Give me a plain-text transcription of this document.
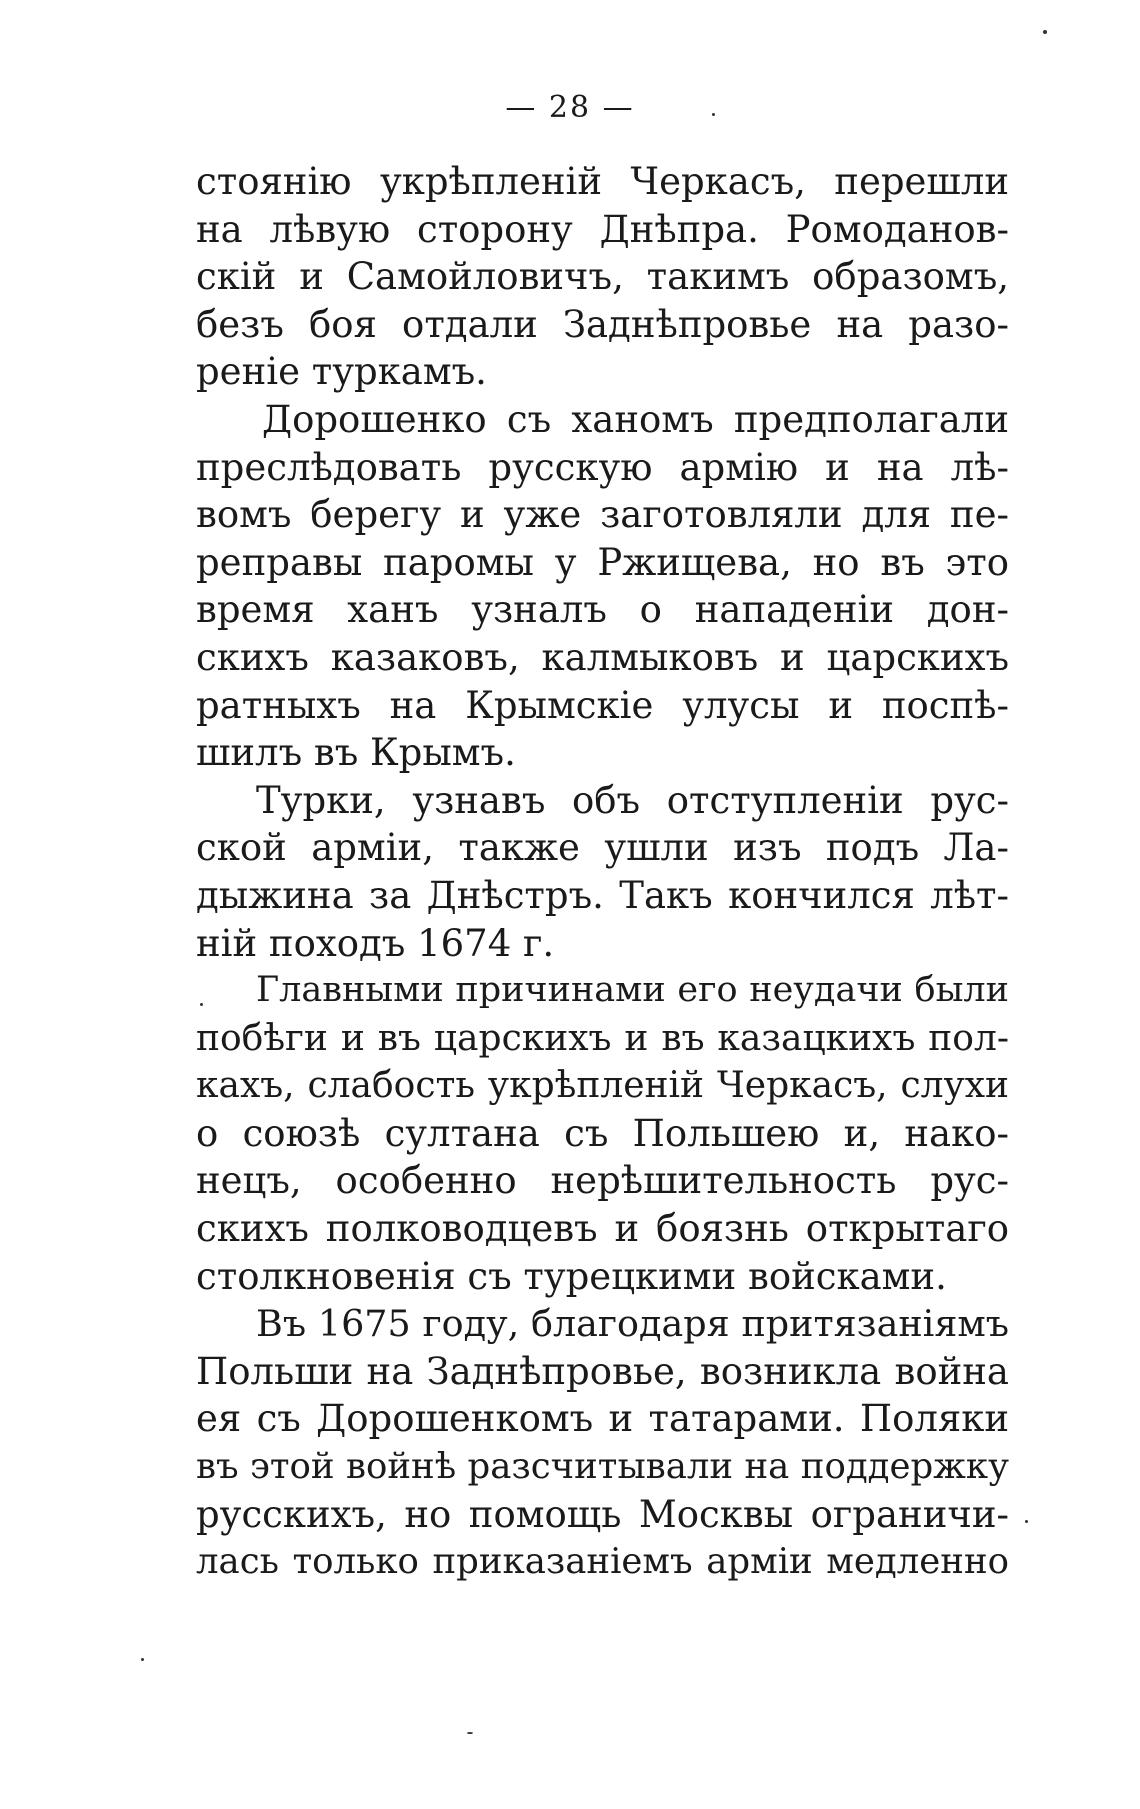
— 28 —
стоянію укрѣпленій Черкасъ, перешли
на лѣвую сторону Днѣпра. Ромоданов-
скій и Самойловичъ, такимъ образомъ,
безъ боя отдали Заднѣпровье на разо-
реніе туркамъ.
Дорошенко съ ханомъ предполагали
преслѣдовать русскую армію и на лѣ-
вомъ берегу и уже заготовляли для пе-
реправы паромы у Ржищева, но въ это
время ханъ узналъ о нападеніи дон-
скихъ казаковъ, калмыковъ и царскихъ
ратныхъ на Крымскіе улусы и поспѣ-
шилъ въ Крымъ.
Турки, узнавъ объ отступленіи рус-
ской арміи, также ушли изъ подъ Ла-
дыжина за Днѣстръ. Такъ кончился лѣт-
ній походъ 1674 г.
Главными причинами его неудачи были
побѣги и въ царскихъ и въ казацкихъ пол-
кахъ, слабость укрѣпленій Черкасъ, слухи
о союзѣ султана съ Польшею и, нако-
нецъ, особенно нерѣшительность рус-
скихъ полководцевъ и боязнь открытаго
столкновенія съ турецкими войсками.
Въ 1675 году, благодаря притязаніямъ
Польши на Заднѣпровье, возникла война
ея съ Дорошенкомъ и татарами. Поляки
въ этой войнѣ разсчитывали на поддержку
русскихъ, но помощь Москвы ограничи-
лась только приказаніемъ арміи медленно
